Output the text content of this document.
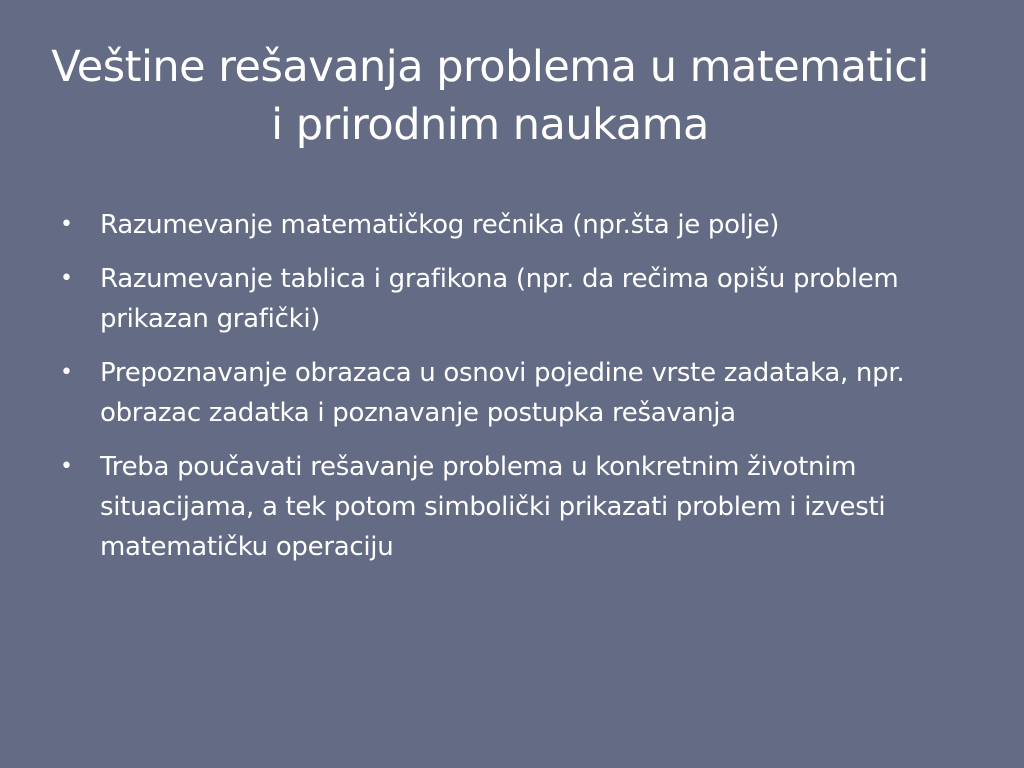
Veštine rešavanja problema u matematici
i prirodnim naukama
• Razumevanje matematičkog rečnika (npr.šta je polje)
• Razumevanje tablica i grafikona (npr. da rečima opišu problem prikazan grafički)
• Prepoznavanje obrazaca u osnovi pojedine vrste zadataka, npr. obrazac zadatka i poznavanje postupka rešavanja
• Treba poučavati rešavanje problema u konkretnim životnim situacijama, a tek potom simbolički prikazati problem i izvesti matematičku operaciju
